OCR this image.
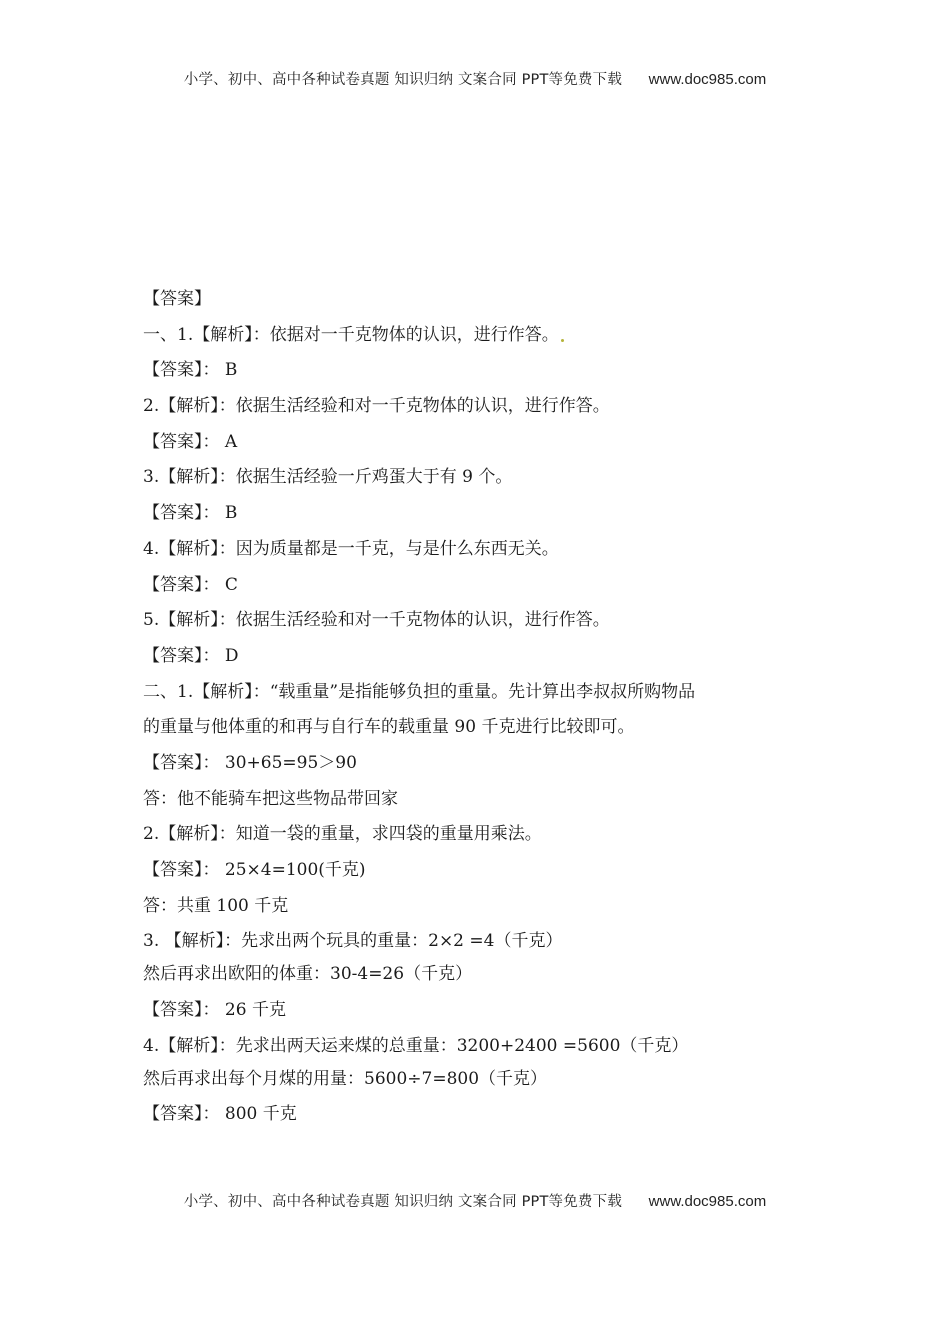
小学、初中、高中各种试卷真题 知识归纳 文案合同 PPT等免费下载 www.doc985.com
【答案】
一、1.【解析】：依据对一千克物体的认识，进行作答。
【答案】： B
2.【解析】：依据生活经验和对一千克物体的认识，进行作答。
【答案】： A
3.【解析】：依据生活经验一斤鸡蛋大于有 9 个。
【答案】： B
4.【解析】：因为质量都是一千克，与是什么东西无关。
【答案】： C
5.【解析】：依据生活经验和对一千克物体的认识，进行作答。
【答案】： D
二、1.【解析】：“载重量”是指能够负担的重量。先计算出李叔叔所购物品
的重量与他体重的和再与自行车的载重量 90 千克进行比较即可。
【答案】： 30+65=95＞90
答：他不能骑车把这些物品带回家
2.【解析】：知道一袋的重量，求四袋的重量用乘法。
【答案】： 25×4=100(千克)
答：共重 100 千克
3. 【解析】：先求出两个玩具的重量：2×2 =4（千克）
然后再求出欧阳的体重：30-4=26（千克）
【答案】： 26 千克
4.【解析】：先求出两天运来煤的总重量：3200+2400 =5600（千克）
然后再求出每个月煤的用量：5600÷7=800（千克）
【答案】： 800 千克
小学、初中、高中各种试卷真题 知识归纳 文案合同 PPT等免费下载 www.doc985.com
